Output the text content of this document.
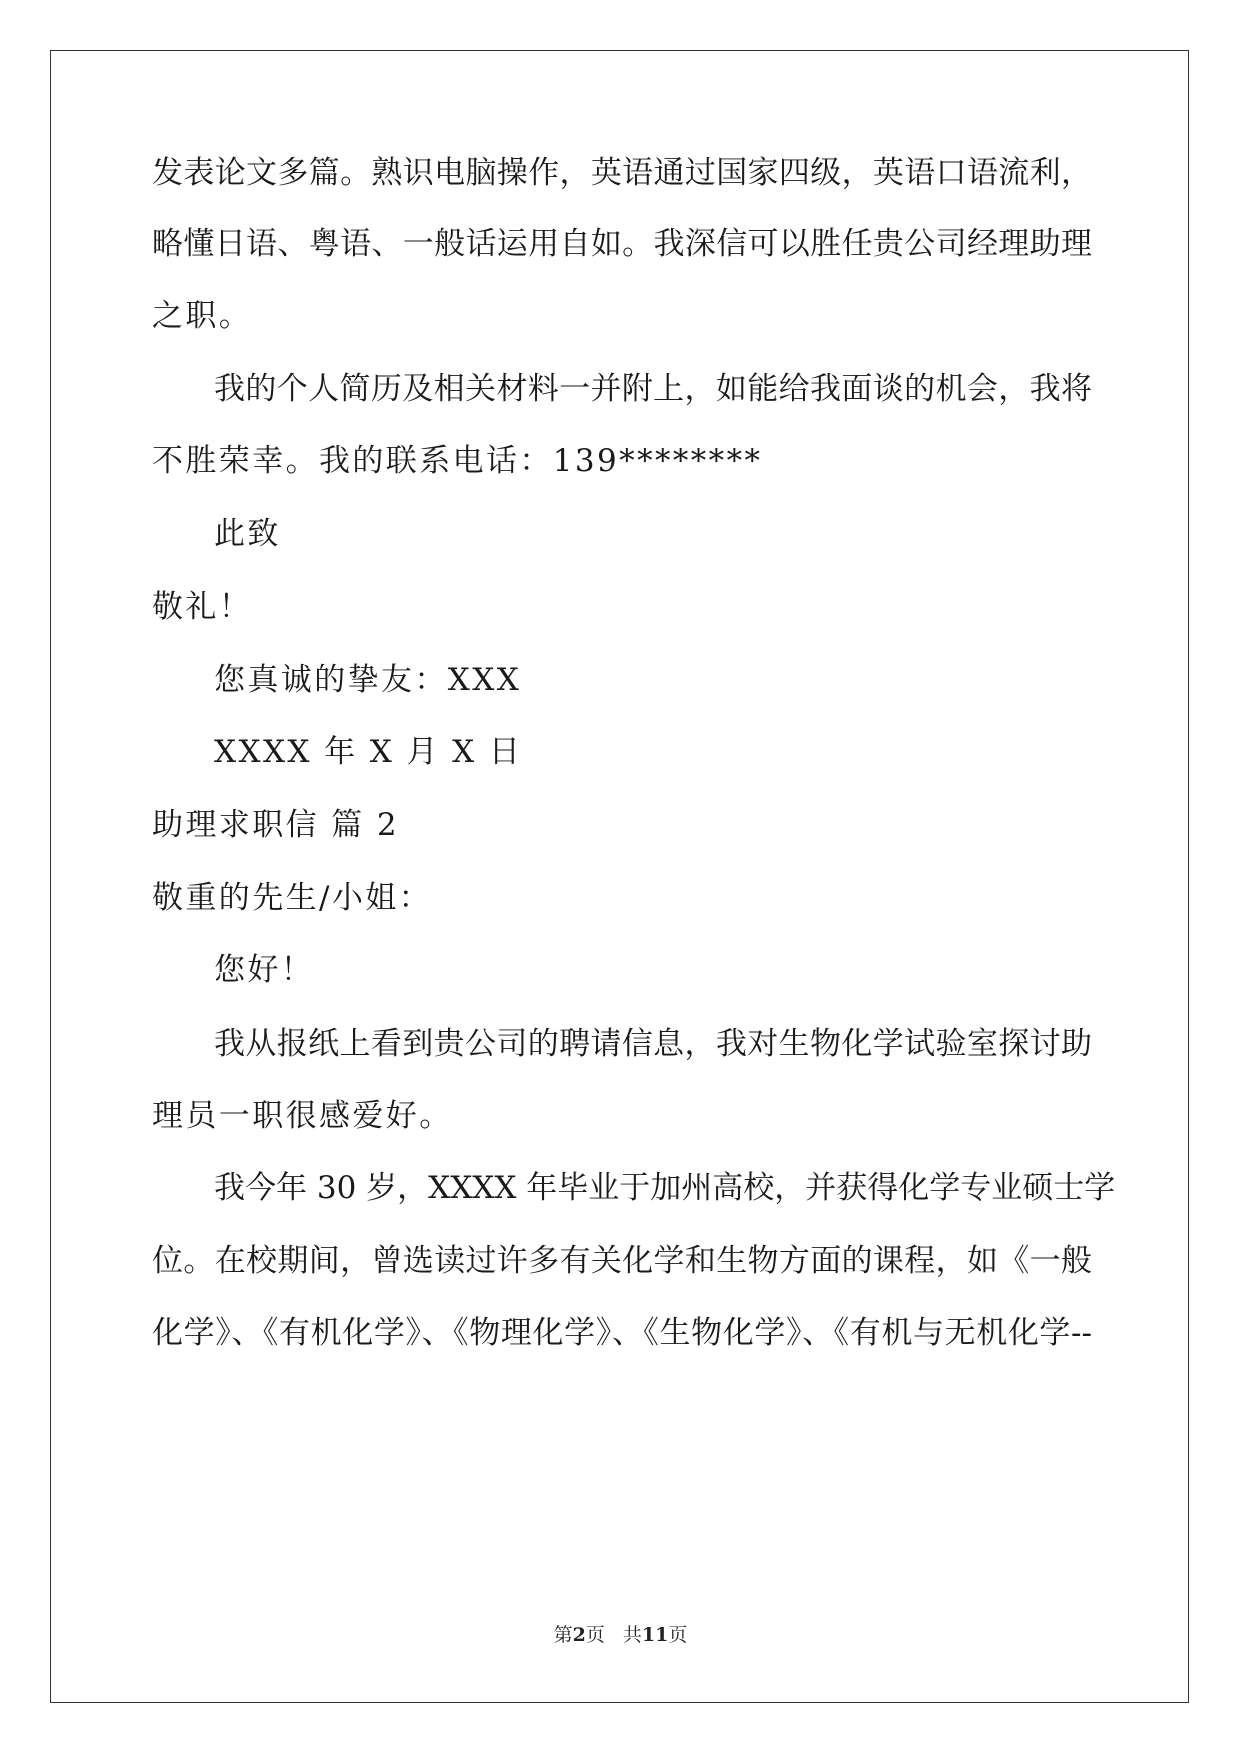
发表论文多篇。熟识电脑操作，英语通过国家四级，英语口语流利，
略懂日语、粤语、一般话运用自如。我深信可以胜任贵公司经理助理
之职。
我的个人简历及相关材料一并附上，如能给我面谈的机会，我将
不胜荣幸。我的联系电话：139********
此致
敬礼！
您真诚的挚友：XXX
XXXX 年 X 月 X 日
助理求职信 篇 2
敬重的先生/小姐：
您好！
我从报纸上看到贵公司的聘请信息，我对生物化学试验室探讨助
理员一职很感爱好。
我今年 30 岁，XXXX 年毕业于加州高校，并获得化学专业硕士学
位。在校期间，曾选读过许多有关化学和生物方面的课程，如《一般
化学》、《有机化学》、《物理化学》、《生物化学》、《有机与无机化学--
第2页 共11页
